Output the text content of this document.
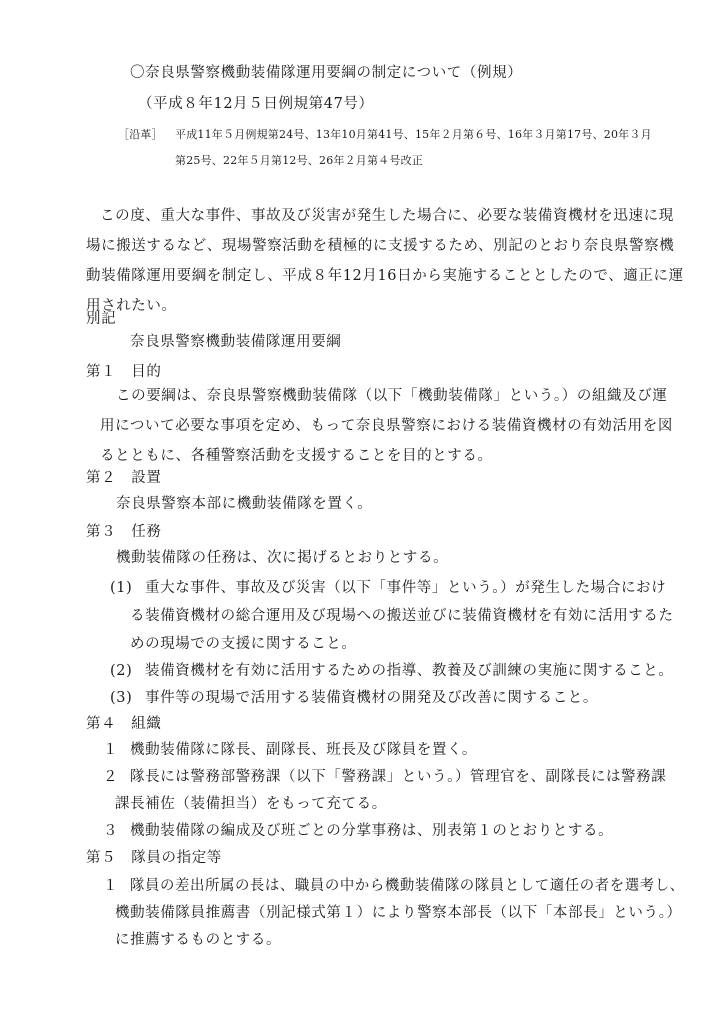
〇奈良県警察機動装備隊運用要綱の制定について（例規）
（平成８年12月５日例規第47号）
［沿革］ 平成11年５月例規第24号、13年10月第41号、15年２月第６号、16年３月第17号、20年３月
第25号、22年５月第12号、26年２月第４号改正
この度、重大な事件、事故及び災害が発生した場合に、必要な装備資機材を迅速に現
場に搬送するなど、現場警察活動を積極的に支援するため、別記のとおり奈良県警察機
動装備隊運用要綱を制定し、平成８年12月16日から実施することとしたので、適正に運
用されたい。
別記
奈良県警察機動装備隊運用要綱
第１　目的
この要綱は、奈良県警察機動装備隊（以下「機動装備隊」という。）の組織及び運
用について必要な事項を定め、もって奈良県警察における装備資機材の有効活用を図
るとともに、各種警察活動を支援することを目的とする。
第２　設置
奈良県警察本部に機動装備隊を置く。
第３　任務
機動装備隊の任務は、次に掲げるとおりとする。
(1) 重大な事件、事故及び災害（以下「事件等」という。）が発生した場合におけ
る装備資機材の総合運用及び現場への搬送並びに装備資機材を有効に活用するた
めの現場での支援に関すること。
(2) 装備資機材を有効に活用するための指導、教養及び訓練の実施に関すること。
(3) 事件等の現場で活用する装備資機材の開発及び改善に関すること。
第４　組織
１ 機動装備隊に隊長、副隊長、班長及び隊員を置く。
２ 隊長には警務部警務課（以下「警務課」という。）管理官を、副隊長には警務課
課長補佐（装備担当）をもって充てる。
３ 機動装備隊の編成及び班ごとの分掌事務は、別表第１のとおりとする。
第５　隊員の指定等
１ 隊員の差出所属の長は、職員の中から機動装備隊の隊員として適任の者を選考し、
機動装備隊員推薦書（別記様式第１）により警察本部長（以下「本部長」という。）
に推薦するものとする。
